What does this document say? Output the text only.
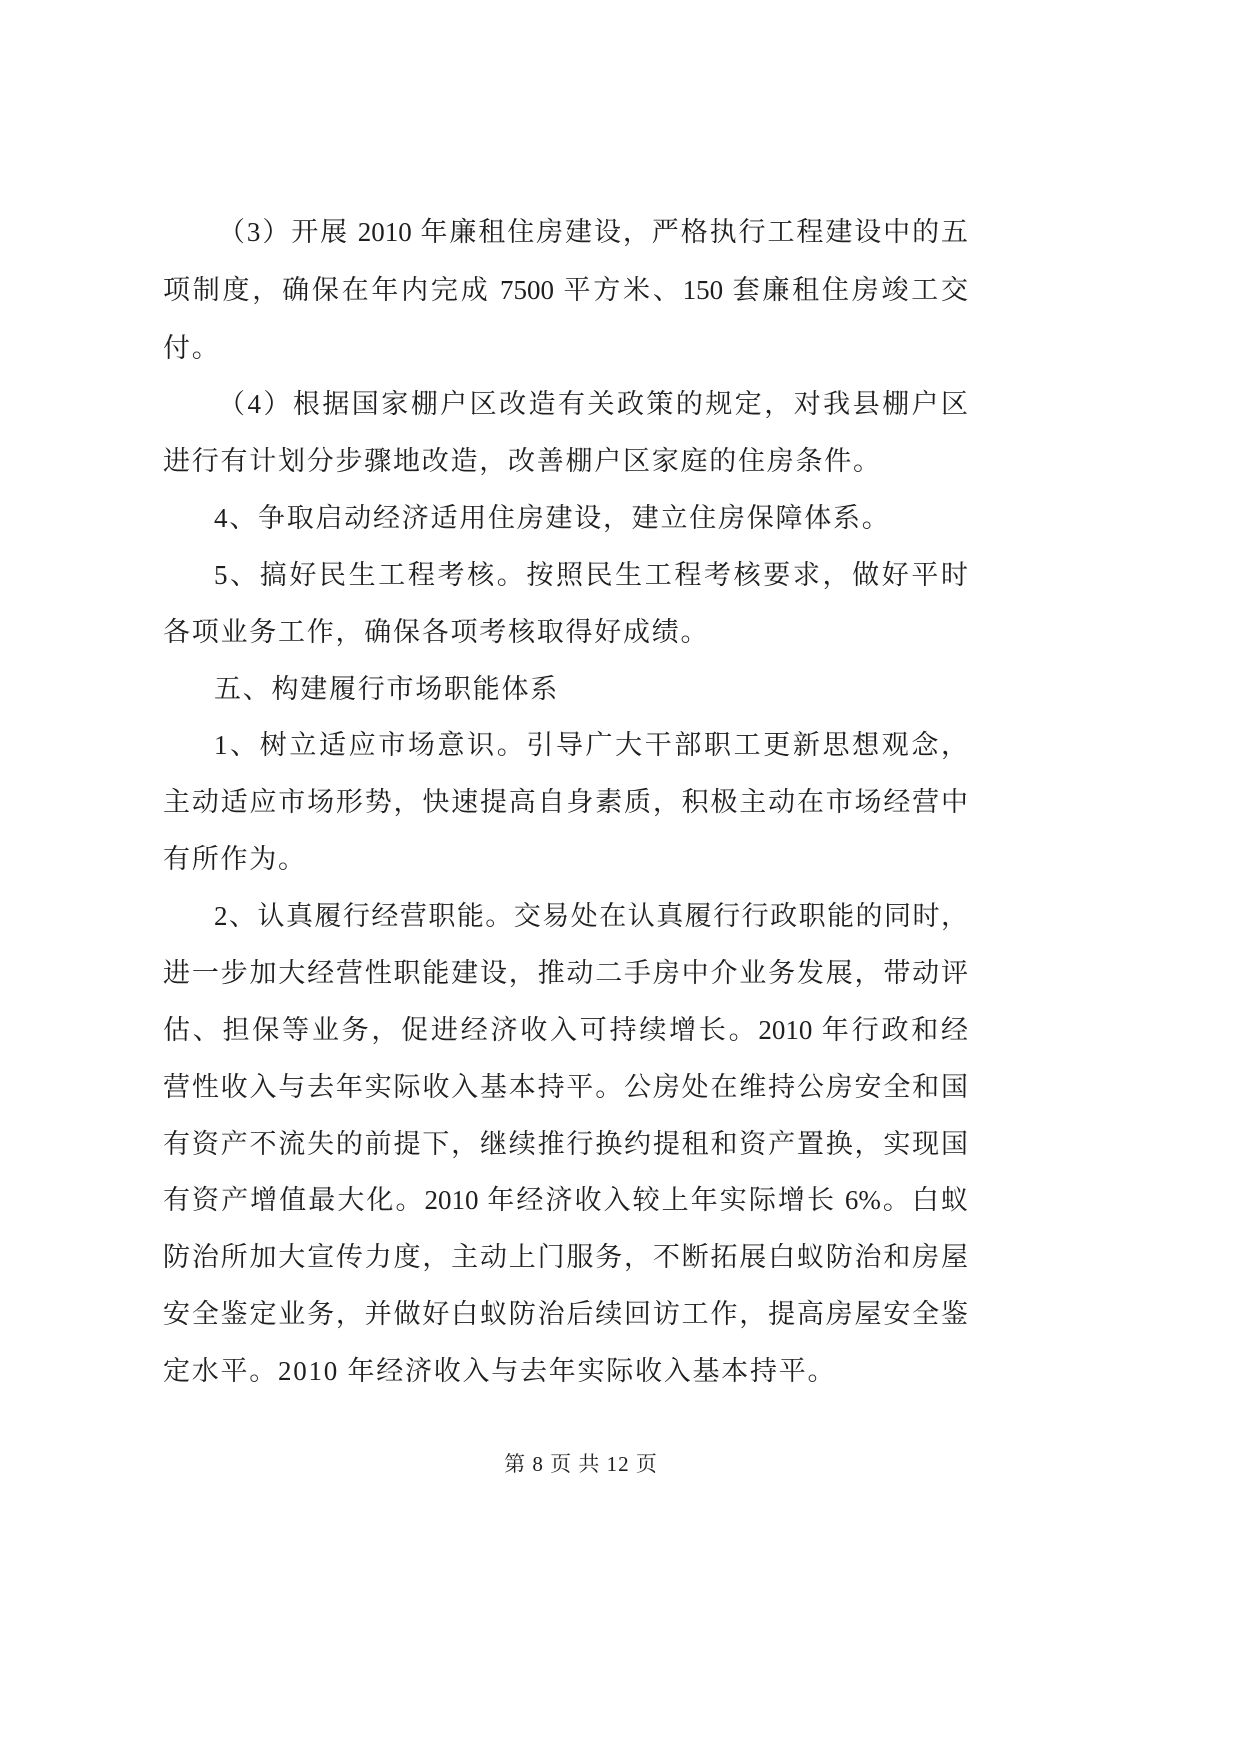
（3）开展 2010 年廉租住房建设，严格执行工程建设中的五
项制度，确保在年内完成 7500 平方米、150 套廉租住房竣工交
付。
（4）根据国家棚户区改造有关政策的规定，对我县棚户区
进行有计划分步骤地改造，改善棚户区家庭的住房条件。
4、争取启动经济适用住房建设，建立住房保障体系。
5、搞好民生工程考核。按照民生工程考核要求，做好平时
各项业务工作，确保各项考核取得好成绩。
五、构建履行市场职能体系
1、树立适应市场意识。引导广大干部职工更新思想观念，
主动适应市场形势，快速提高自身素质，积极主动在市场经营中
有所作为。
2、认真履行经营职能。交易处在认真履行行政职能的同时，
进一步加大经营性职能建设，推动二手房中介业务发展，带动评
估、担保等业务，促进经济收入可持续增长。2010 年行政和经
营性收入与去年实际收入基本持平。公房处在维持公房安全和国
有资产不流失的前提下，继续推行换约提租和资产置换，实现国
有资产增值最大化。2010 年经济收入较上年实际增长 6%。白蚁
防治所加大宣传力度，主动上门服务，不断拓展白蚁防治和房屋
安全鉴定业务，并做好白蚁防治后续回访工作，提高房屋安全鉴
定水平。2010 年经济收入与去年实际收入基本持平。
第 8 页 共 12 页
